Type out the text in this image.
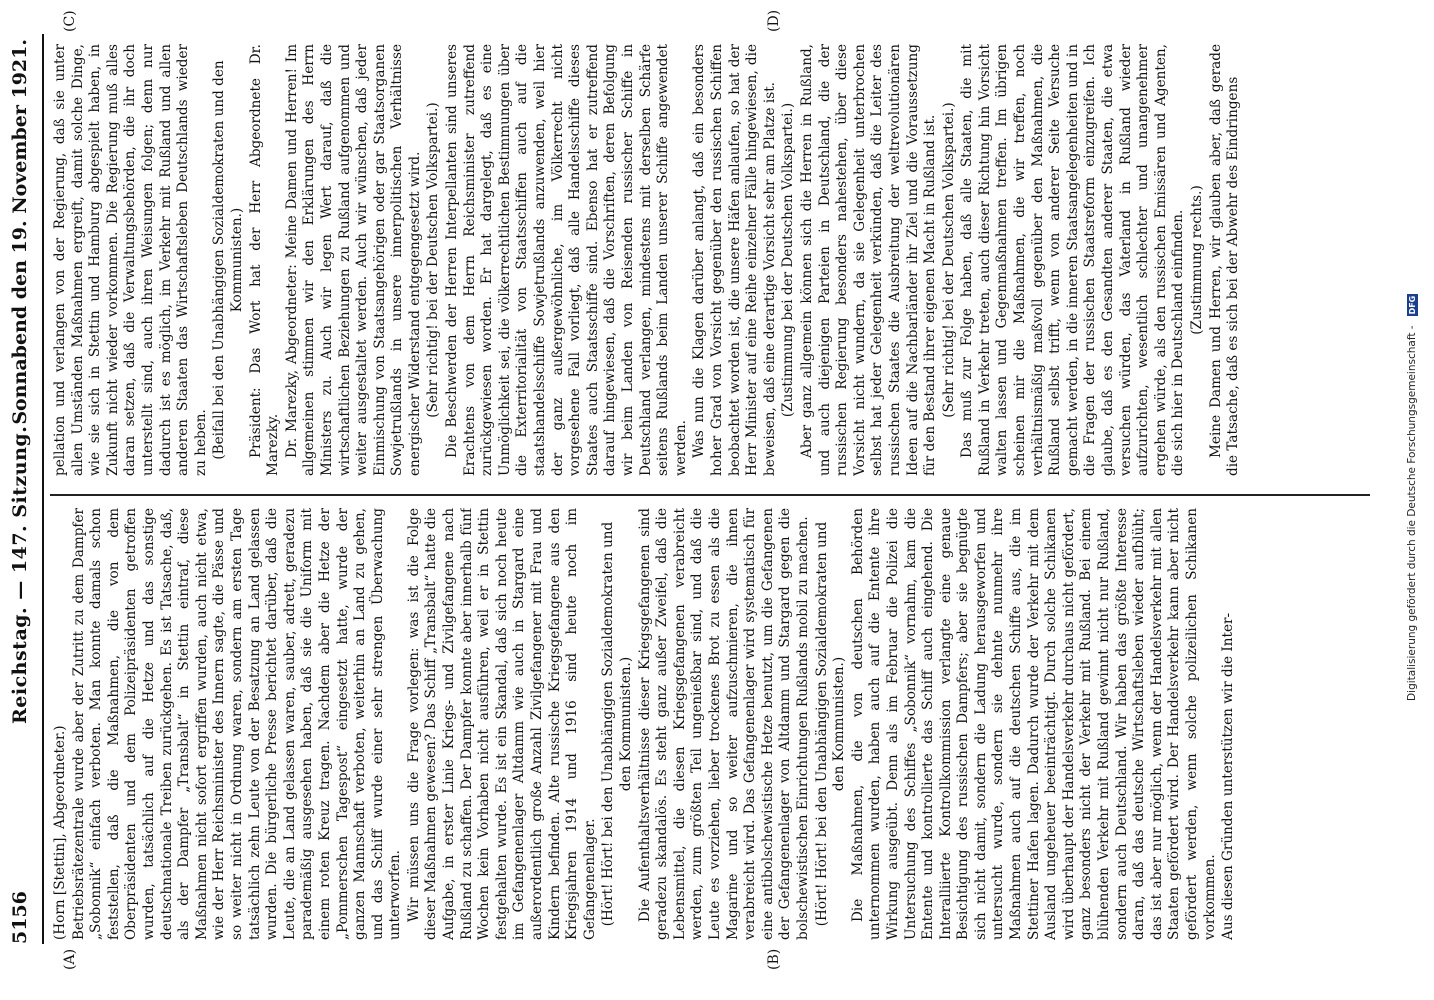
5156
Reichstag. — 147. Sitzung.
Sonnabend den 19. November 1921.
(A)	(B)
(C)	(D)

(Horn [Stettin], Abgeordneter.) Betriebsrätezentrale wurde aber der Zutritt zu dem Dampfer „Sobonnik“ einfach verboten. Man konnte damals schon feststellen, daß die Maßnahmen, die von dem Oberpräsidenten und dem Polizeipräsidenten getroffen wurden, tatsächlich auf die Hetze und das sonstige deutschnationale Treiben zurückgehen. Es ist Tatsache, daß, als der Dampfer „Transbalt“ in Stettin eintraf, diese Maßnahmen nicht sofort ergriffen wurden, auch nicht etwa, wie der Herr Reichsminister des Innern sagte, die Pässe und so weiter nicht in Ordnung waren, sondern am ersten Tage tatsächlich zehn Leute von der Besatzung an Land gelassen wurden. Die bürgerliche Presse berichtet darüber, daß die Leute, die an Land gelassen waren, sauber, adrett, geradezu parademäßig ausgesehen haben, daß sie die Uniform mit einem roten Kreuz tragen. Nachdem aber die Hetze der „Pommerschen Tagespost“ eingesetzt hatte, wurde der ganzen Mannschaft verboten, weiterhin an Land zu gehen, und das Schiff wurde einer sehr strengen Überwachung unterworfen. Wir müssen uns die Frage vorlegen: was ist die Folge dieser Maßnahmen gewesen? Das Schiff „Transbalt“ hatte die Aufgabe, in erster Linie Kriegs- und Zivilgefangene nach Rußland zu schaffen. Der Dampfer konnte aber innerhalb fünf Wochen kein Vorhaben nicht ausführen, weil er in Stettin festgehalten wurde. Es ist ein Skandal, daß sich noch heute im Gefangenenlager Altdamm wie auch in Stargard eine außerordentlich große Anzahl Zivilgefangener mit Frau und Kindern befinden. Alte russische Kriegsgefangene aus den Kriegsjahren 1914 und 1916 sind heute noch im Gefangenenlager. (Hört! Hört! bei den Unabhängigen Sozialdemokraten und den Kommunisten.) Die Aufenthaltsverhältnisse dieser Kriegsgefangenen sind geradezu skandalös. Es steht ganz außer Zweifel, daß die Lebensmittel, die diesen Kriegsgefangenen verabreicht werden, zum größten Teil ungenießbar sind, und daß die Leute es vorziehen, lieber trockenes Brot zu essen als die Magarine und so weiter aufzuschmieren, die ihnen verabreicht wird. Das Gefangenenlager wird systematisch für eine antibolschewistische Hetze benutzt, um die Gefangenen der Gefangenenlager von Altdamm und Stargard gegen die bolschewistischen Einrichtungen Rußlands mobil zu machen. (Hört! Hört! bei den Unabhängigen Sozialdemokraten und den Kommunisten.) Die Maßnahmen, die von deutschen Behörden unternommen wurden, haben auch auf die Entente ihre Wirkung ausgeübt. Denn als im Februar die Polizei die Untersuchung des Schiffes „Sobonnik“ vornahm, kam die Entente und kontrollierte das Schiff auch eingehend. Die Interalliierte Kontrollkommission verlangte eine genaue Besichtigung des russischen Dampfers; aber sie begnügte sich nicht damit, sondern die Ladung herausgeworfen und untersucht wurde, sondern sie dehnte nunmehr ihre Maßnahmen auch auf die deutschen Schiffe aus, die im Stettiner Hafen lagen. Dadurch wurde der Verkehr mit dem Ausland ungeheuer beeinträchtigt. Durch solche Schikanen wird überhaupt der Handelsverkehr durchaus nicht gefördert, ganz besonders nicht der Verkehr mit Rußland. Bei einem blühenden Verkehr mit Rußland gewinnt nicht nur Rußland, sondern auch Deutschland. Wir haben das größte Interesse daran, daß das deutsche Wirtschaftsleben wieder aufblüht; das ist aber nur möglich, wenn der Handelsverkehr mit allen Staaten gefördert wird. Der Handelsverkehr kann aber nicht gefördert werden, wenn solche polizeilichen Schikanen vorkommen. Aus diesen Gründen unterstützen wir die Inter-

pellation und verlangen von der Regierung, daß sie unter allen Umständen Maßnahmen ergreift, damit solche Dinge, wie sie sich in Stettin und Hamburg abgespielt haben, in Zukunft nicht wieder vorkommen. Die Regierung muß alles daran setzen, daß die Verwaltungsbehörden, die ihr doch unterstellt sind, auch ihren Weisungen folgen; denn nur dadurch ist es möglich, im Verkehr mit Rußland und allen anderen Staaten das Wirtschaftsleben Deutschlands wieder zu heben. (Beifall bei den Unabhängigen Sozialdemokraten und den Kommunisten.) Präsident: Das Wort hat der Herr Abgeordnete Dr. Marezky. Dr. Marezky, Abgeordneter: Meine Damen und Herren! Im allgemeinen stimmen wir den Erklärungen des Herrn Ministers zu. Auch wir legen Wert darauf, daß die wirtschaftlichen Beziehungen zu Rußland aufgenommen und weiter ausgestaltet werden. Auch wir wünschen, daß jeder Einmischung von Staatsangehörigen oder gar Staatsorganen Sowjetrußlands in unsere innerpolitischen Verhältnisse energischer Widerstand entgegengesetzt wird. (Sehr richtig! bei der Deutschen Volkspartei.) Die Beschwerden der Herren Interpellanten sind unseres Erachtens von dem Herrn Reichsminister zutreffend zurückgewiesen worden. Er hat dargelegt, daß es eine Unmöglichkeit sei, die völkerrechtlichen Bestimmungen über die Exterritorialität von Staatsschiffen auch auf die staatshandelsschiffe Sowjetrußlands anzuwenden, weil hier der ganz außergewöhnliche, im Völkerrecht nicht vorgesehene Fall vorliegt, daß alle Handelsschiffe dieses Staates auch Staatsschiffe sind. Ebenso hat er zutreffend darauf hingewiesen, daß die Vorschriften, deren Befolgung wir beim Landen von Reisenden russischer Schiffe in Deutschland verlangen, mindestens mit derselben Schärfe seitens Rußlands beim Landen unserer Schiffe angewendet werden. Was nun die Klagen darüber anlangt, daß ein besonders hoher Grad von Vorsicht gegenüber den russischen Schiffen beobachtet worden ist, die unsere Häfen anlaufen, so hat der Herr Minister auf eine Reihe einzelner Fälle hingewiesen, die beweisen, daß eine derartige Vorsicht sehr am Platze ist. (Zustimmung bei der Deutschen Volkspartei.) Aber ganz allgemein können sich die Herren in Rußland, und auch diejenigen Parteien in Deutschland, die der russischen Regierung besonders nahestehen, über diese Vorsicht nicht wundern, da sie Gelegenheit unterbrochen selbst hat jeder Gelegenheit verkünden, daß die Leiter des russischen Staates die Ausbreitung der weltrevolutionären Ideen auf die Nachbarländer ihr Ziel und die Voraussetzung für den Bestand ihrer eigenen Macht in Rußland ist. (Sehr richtig! bei der Deutschen Volkspartei.) Das muß zur Folge haben, daß alle Staaten, die mit Rußland in Verkehr treten, auch dieser Richtung hin Vorsicht walten lassen und Gegenmaßnahmen treffen. Im übrigen scheinen mir die Maßnahmen, die wir treffen, noch verhältnismäßig maßvoll gegenüber den Maßnahmen, die Rußland selbst trifft, wenn von anderer Seite Versuche gemacht werden, in die inneren Staatsangelegenheiten und in die Fragen der russischen Staatsreform einzugreifen. Ich glaube, daß es den Gesandten anderer Staaten, die etwa versuchen würden, das Vaterland in Rußland wieder aufzurichten, wesentlich schlechter und unangenehmer ergehen würde, als den russischen Emissären und Agenten, die sich hier in Deutschland einfinden. (Zustimmung rechts.) Meine Damen und Herren, wir glauben aber, daß gerade die Tatsache, daß es sich bei der Abwehr des Eindringens

Digitalisierung gefördert durch die Deutsche Forschungsgemeinschaft - DFG
